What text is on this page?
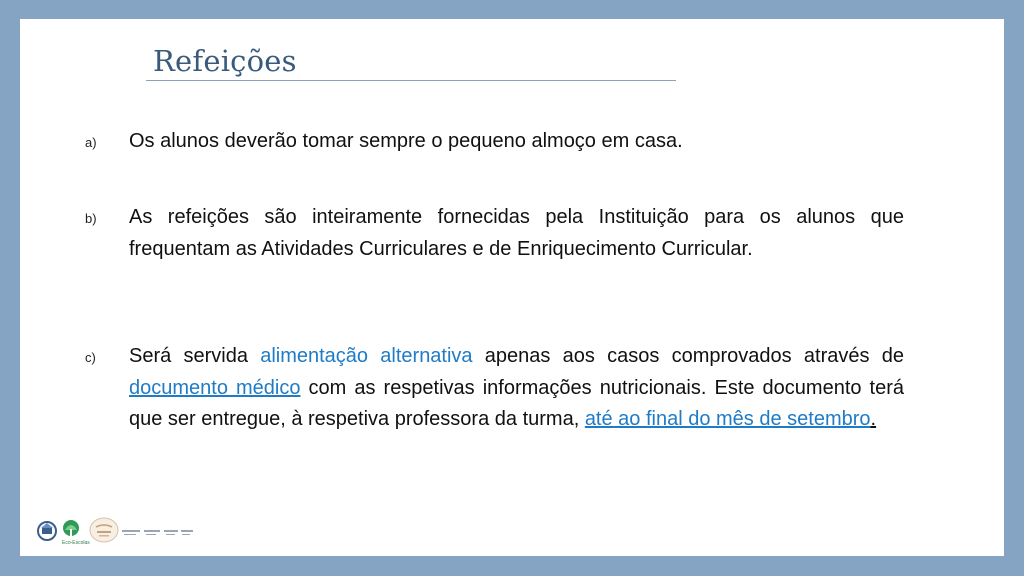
Refeições
a) Os alunos deverão tomar sempre o pequeno almoço em casa.
b) As refeições são inteiramente fornecidas pela Instituição para os alunos que frequentam as Atividades Curriculares e de Enriquecimento Curricular.
c) Será servida alimentação alternativa apenas aos casos comprovados através de documento médico com as respetivas informações nutricionais. Este documento terá que ser entregue, à respetiva professora da turma, até ao final do mês de setembro.
Eco-Escolas
